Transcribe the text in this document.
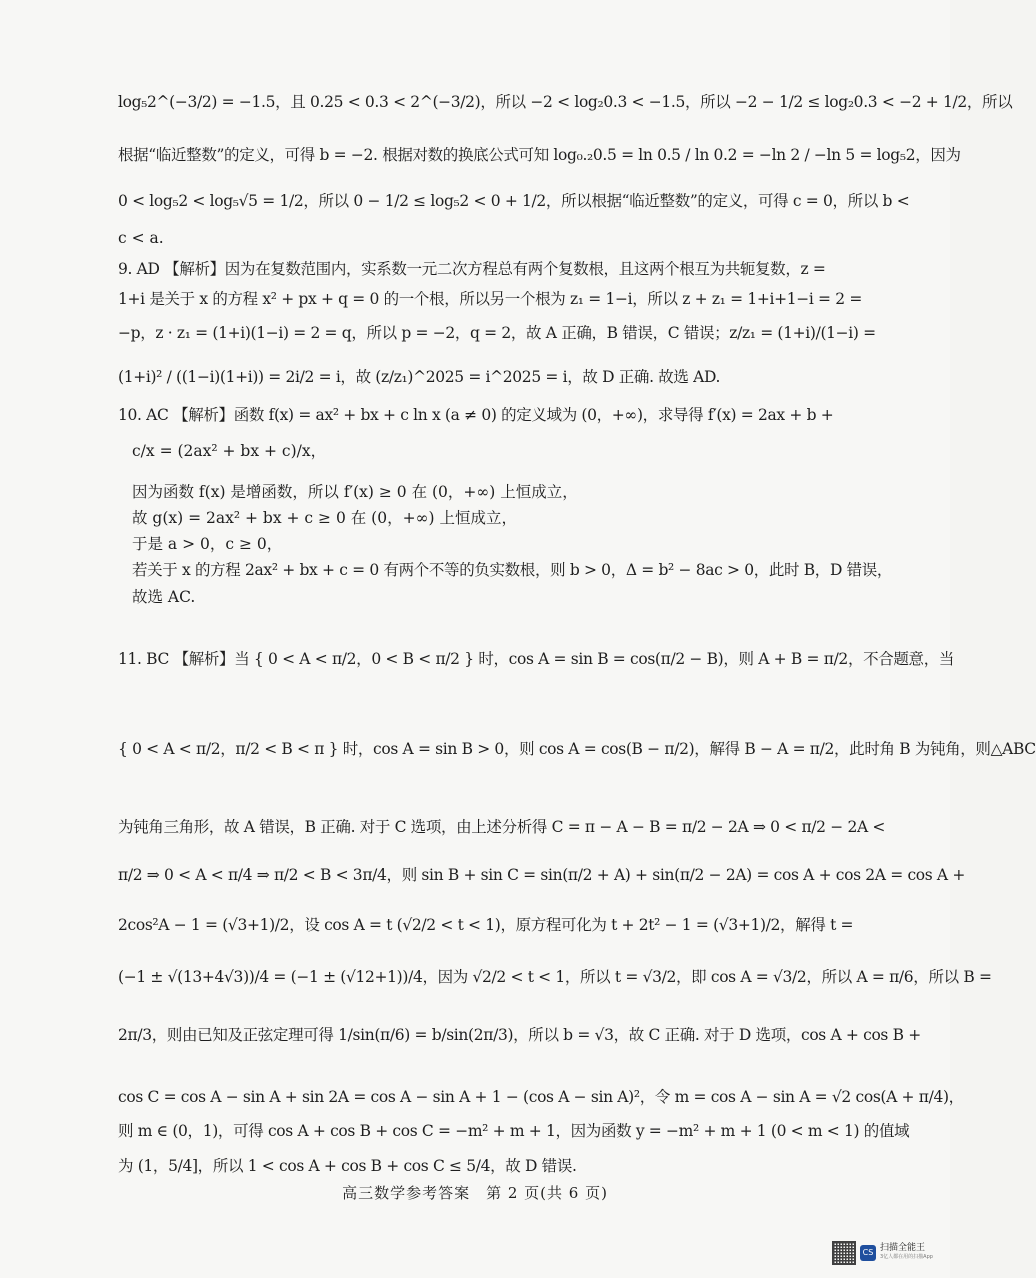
log₅2^(−3/2) = −1.5，且 0.25 < 0.3 < 2^(−3/2)，所以 −2 < log₂0.3 < −1.5，所以 −2 − 1/2 ≤ log₂0.3 < −2 + 1/2，所以
根据“临近整数”的定义，可得 b = −2. 根据对数的换底公式可知 log₀.₂0.5 = ln 0.5 / ln 0.2 = −ln 2 / −ln 5 = log₅2，因为
0 < log₅2 < log₅√5 = 1/2，所以 0 − 1/2 ≤ log₅2 < 0 + 1/2，所以根据“临近整数”的定义，可得 c = 0，所以 b <
c < a.
9. AD 【解析】因为在复数范围内，实系数一元二次方程总有两个复数根，且这两个根互为共轭复数，z =
1+i 是关于 x 的方程 x² + px + q = 0 的一个根，所以另一个根为 z₁ = 1−i，所以 z + z₁ = 1+i+1−i = 2 =
−p，z · z₁ = (1+i)(1−i) = 2 = q，所以 p = −2，q = 2，故 A 正确，B 错误，C 错误；z/z₁ = (1+i)/(1−i) =
(1+i)² / ((1−i)(1+i)) = 2i/2 = i，故 (z/z₁)^2025 = i^2025 = i，故 D 正确. 故选 AD.
10. AC 【解析】函数 f(x) = ax² + bx + c ln x (a ≠ 0) 的定义域为 (0，+∞)，求导得 f′(x) = 2ax + b +
c/x = (2ax² + bx + c)/x，
因为函数 f(x) 是增函数，所以 f′(x) ≥ 0 在 (0，+∞) 上恒成立，
故 g(x) = 2ax² + bx + c ≥ 0 在 (0，+∞) 上恒成立，
于是 a > 0，c ≥ 0，
若关于 x 的方程 2ax² + bx + c = 0 有两个不等的负实数根，则 b > 0，Δ = b² − 8ac > 0，此时 B，D 错误，
故选 AC.
11. BC 【解析】当 { 0 < A < π/2，0 < B < π/2 } 时，cos A = sin B = cos(π/2 − B)，则 A + B = π/2，不合题意，当
{ 0 < A < π/2，π/2 < B < π } 时，cos A = sin B > 0，则 cos A = cos(B − π/2)，解得 B − A = π/2，此时角 B 为钝角，则△ABC
为钝角三角形，故 A 错误，B 正确. 对于 C 选项，由上述分析得 C = π − A − B = π/2 − 2A ⇒ 0 < π/2 − 2A <
π/2 ⇒ 0 < A < π/4 ⇒ π/2 < B < 3π/4，则 sin B + sin C = sin(π/2 + A) + sin(π/2 − 2A) = cos A + cos 2A = cos A +
2cos²A − 1 = (√3+1)/2，设 cos A = t (√2/2 < t < 1)，原方程可化为 t + 2t² − 1 = (√3+1)/2，解得 t =
(−1 ± √(13+4√3))/4 = (−1 ± (√12+1))/4，因为 √2/2 < t < 1，所以 t = √3/2，即 cos A = √3/2，所以 A = π/6，所以 B =
2π/3，则由已知及正弦定理可得 1/sin(π/6) = b/sin(2π/3)，所以 b = √3，故 C 正确. 对于 D 选项，cos A + cos B +
cos C = cos A − sin A + sin 2A = cos A − sin A + 1 − (cos A − sin A)²，令 m = cos A − sin A = √2 cos(A + π/4)，
则 m ∈ (0，1)，可得 cos A + cos B + cos C = −m² + m + 1，因为函数 y = −m² + m + 1 (0 < m < 1) 的值域
为 (1，5/4]，所以 1 < cos A + cos B + cos C ≤ 5/4，故 D 错误.
高三数学参考答案　第 2 页(共 6 页)
CS 扫描全能王
3亿人都在用的扫描App
